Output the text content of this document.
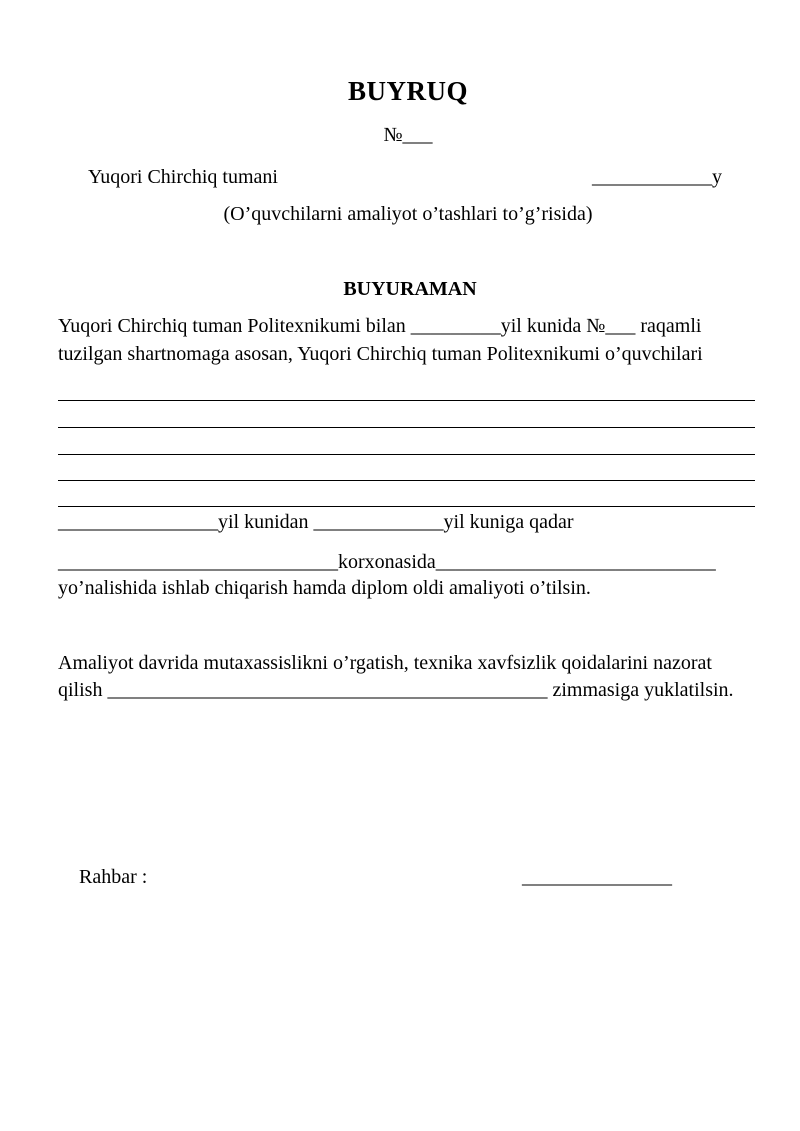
BUYRUQ
№___
Yuqori Chirchiq tumani	____________y
(O’quvchilarni amaliyot o’tashlari to’g’risida)
BUYURAMAN
Yuqori Chirchiq tuman Politexnikumi bilan _________yil kunida №___ raqamli
tuzilgan shartnomaga asosan, Yuqori Chirchiq tuman Politexnikumi o’quvchilari
________________yil kunidan _____________yil kuniga qadar
____________________________korxonasida____________________________
yo’nalishida ishlab chiqarish hamda diplom oldi amaliyoti o’tilsin.
Amaliyot davrida mutaxassislikni o’rgatish, texnika xavfsizlik qoidalarini nazorat
qilish ____________________________________________ zimmasiga yuklatilsin.
Rahbar :	_______________
